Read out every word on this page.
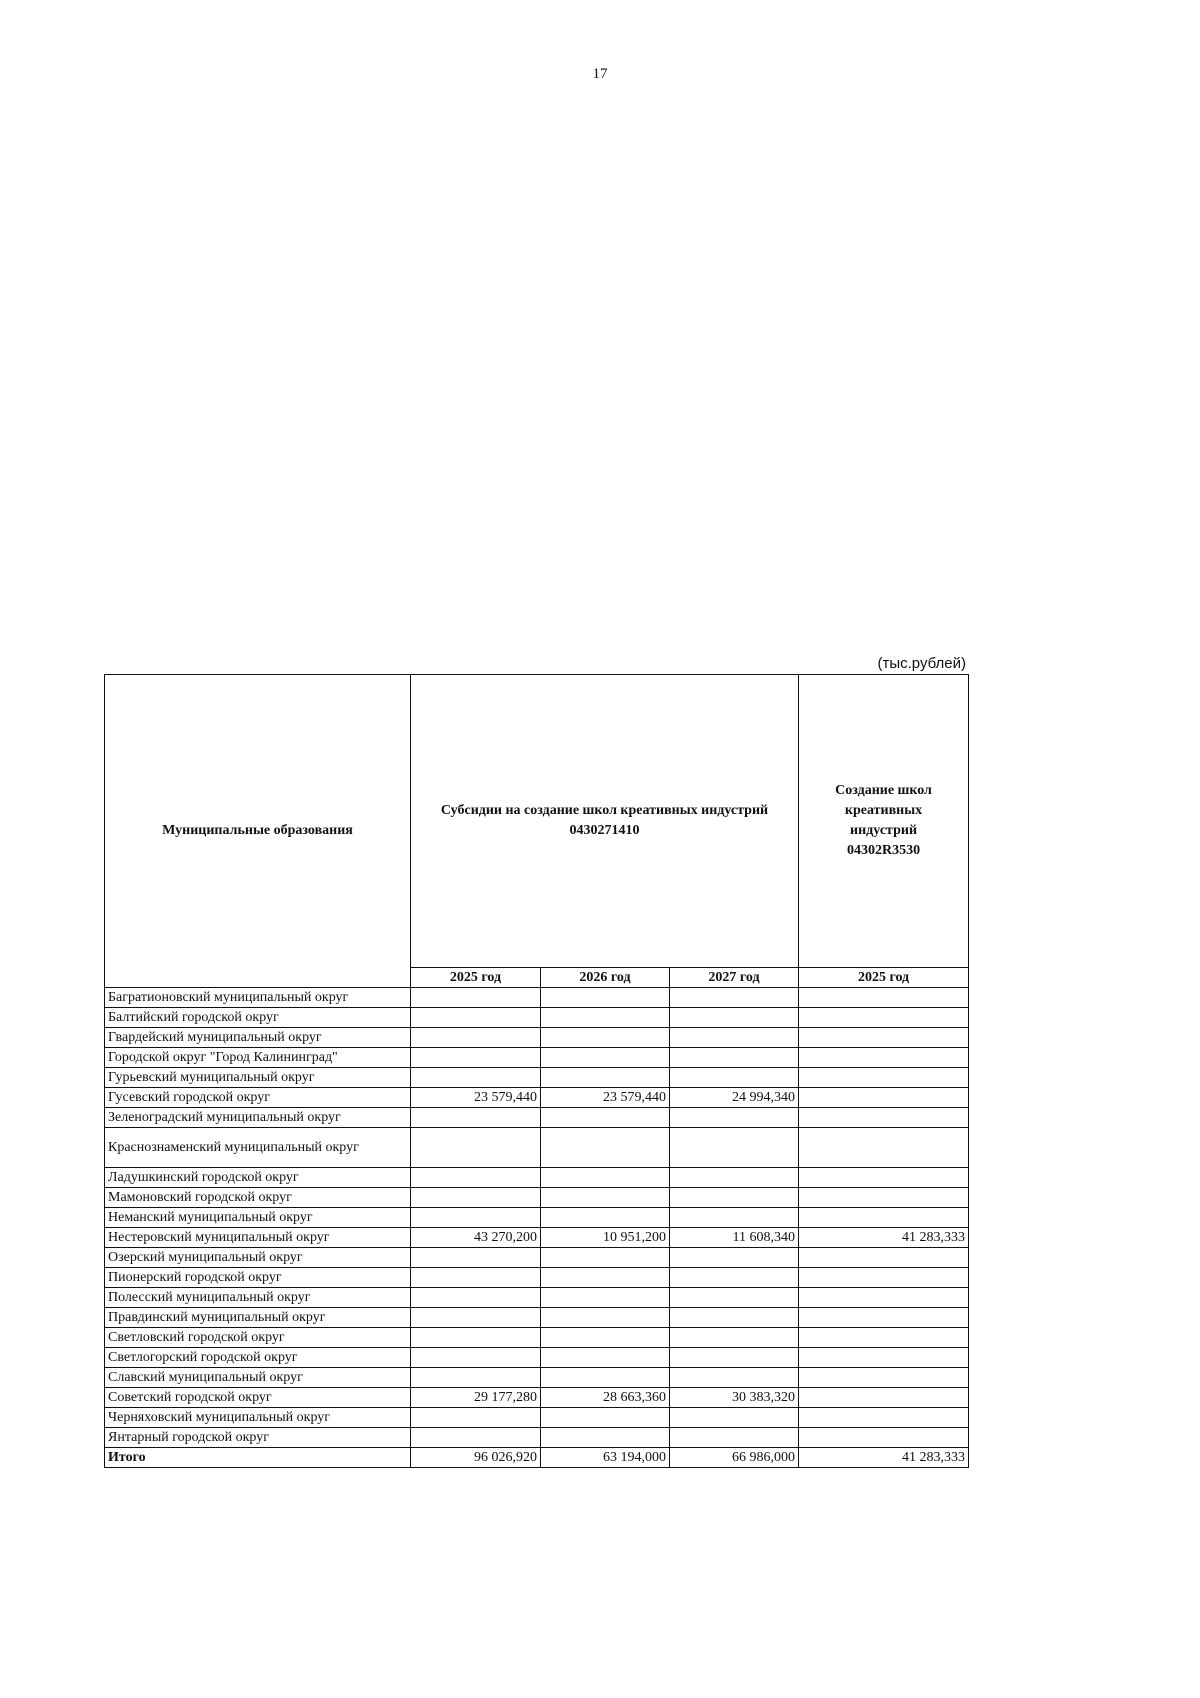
17
(тыс.рублей)
Муниципальные образования	Субсидии на создание школ креативных индустрий 0430271410			Создание школ креативных индустрий 04302R3530
	2025 год	2026 год	2027 год	2025 год
Багратионовский муниципальный округ				
Балтийский городской округ				
Гвардейский муниципальный округ				
Городской округ "Город Калининград"				
Гурьевский муниципальный округ				
Гусевский городской округ	23 579,440	23 579,440	24 994,340	
Зеленоградский муниципальный округ				
Краснознаменский муниципальный округ				
Ладушкинский городской округ				
Мамоновский городской округ				
Неманский муниципальный округ				
Нестеровский муниципальный округ	43 270,200	10 951,200	11 608,340	41 283,333
Озерский муниципальный округ				
Пионерский городской округ				
Полесский муниципальный округ				
Правдинский муниципальный округ				
Светловский городской округ				
Светлогорский городской округ				
Славский муниципальный округ				
Советский городской округ	29 177,280	28 663,360	30 383,320	
Черняховский муниципальный округ				
Янтарный городской округ				
Итого	96 026,920	63 194,000	66 986,000	41 283,333
